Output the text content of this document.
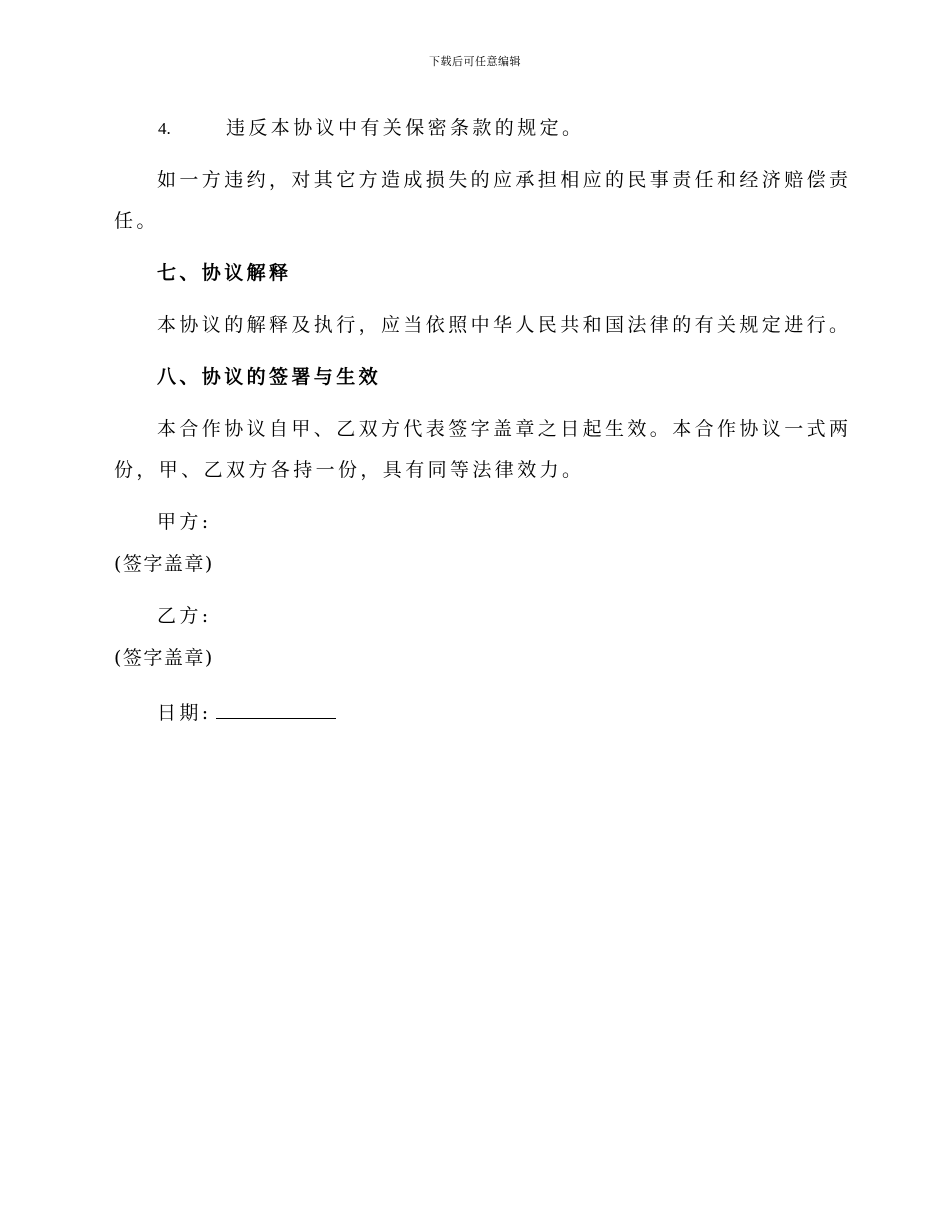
下载后可任意编辑
4.	违反本协议中有关保密条款的规定。
如一方违约，对其它方造成损失的应承担相应的民事责任和经济赔偿责
任。
七、协议解释
本协议的解释及执行，应当依照中华人民共和国法律的有关规定进行。
八、协议的签署与生效
本合作协议自甲、乙双方代表签字盖章之日起生效。本合作协议一式两
份，甲、乙双方各持一份，具有同等法律效力。
甲方:
(签字盖章)
乙方:
(签字盖章)
日期:
